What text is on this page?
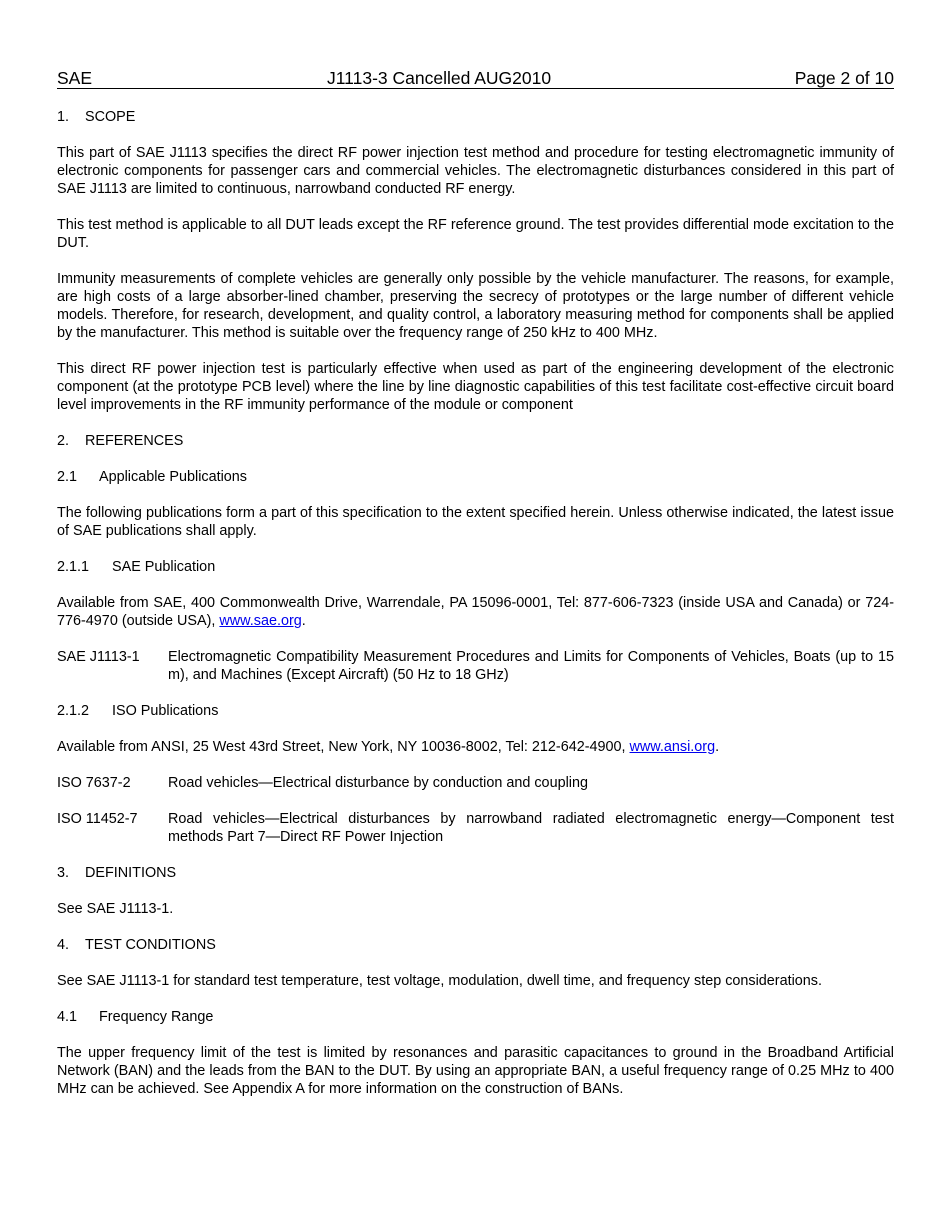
SAE	J1113-3 Cancelled AUG2010	Page 2 of 10
1. SCOPE

This part of SAE J1113 specifies the direct RF power injection test method and procedure for testing electromagnetic immunity of electronic components for passenger cars and commercial vehicles. The electromagnetic disturbances considered in this part of SAE J1113 are limited to continuous, narrowband conducted RF energy.

This test method is applicable to all DUT leads except the RF reference ground. The test provides differential mode excitation to the DUT.

Immunity measurements of complete vehicles are generally only possible by the vehicle manufacturer. The reasons, for example, are high costs of a large absorber-lined chamber, preserving the secrecy of prototypes or the large number of different vehicle models. Therefore, for research, development, and quality control, a laboratory measuring method for components shall be applied by the manufacturer. This method is suitable over the frequency range of 250 kHz to 400 MHz.

This direct RF power injection test is particularly effective when used as part of the engineering development of the electronic component (at the prototype PCB level) where the line by line diagnostic capabilities of this test facilitate cost-effective circuit board level improvements in the RF immunity performance of the module or component

2. REFERENCES
2.1 Applicable Publications

The following publications form a part of this specification to the extent specified herein. Unless otherwise indicated, the latest issue of SAE publications shall apply.

2.1.1 SAE Publication

Available from SAE, 400 Commonwealth Drive, Warrendale, PA 15096-0001, Tel: 877-606-7323 (inside USA and Canada) or 724-776-4970 (outside USA), www.sae.org.

SAE J1113-1 Electromagnetic Compatibility Measurement Procedures and Limits for Components of Vehicles, Boats (up to 15 m), and Machines (Except Aircraft) (50 Hz to 18 GHz)
2.1.2 ISO Publications

Available from ANSI, 25 West 43rd Street, New York, NY 10036-8002, Tel: 212-642-4900, www.ansi.org.

ISO 7637-2	Road vehicles—Electrical disturbance by conduction and coupling
ISO 11452-7 Road vehicles—Electrical disturbances by narrowband radiated electromagnetic energy—Component test methods Part 7—Direct RF Power Injection
3. DEFINITIONS

See SAE J1113-1.

4. TEST CONDITIONS

See SAE J1113-1 for standard test temperature, test voltage, modulation, dwell time, and frequency step considerations.

4.1 Frequency Range

The upper frequency limit of the test is limited by resonances and parasitic capacitances to ground in the Broadband Artificial Network (BAN) and the leads from the BAN to the DUT. By using an appropriate BAN, a useful frequency range of 0.25 MHz to 400 MHz can be achieved. See Appendix A for more information on the construction of BANs.
